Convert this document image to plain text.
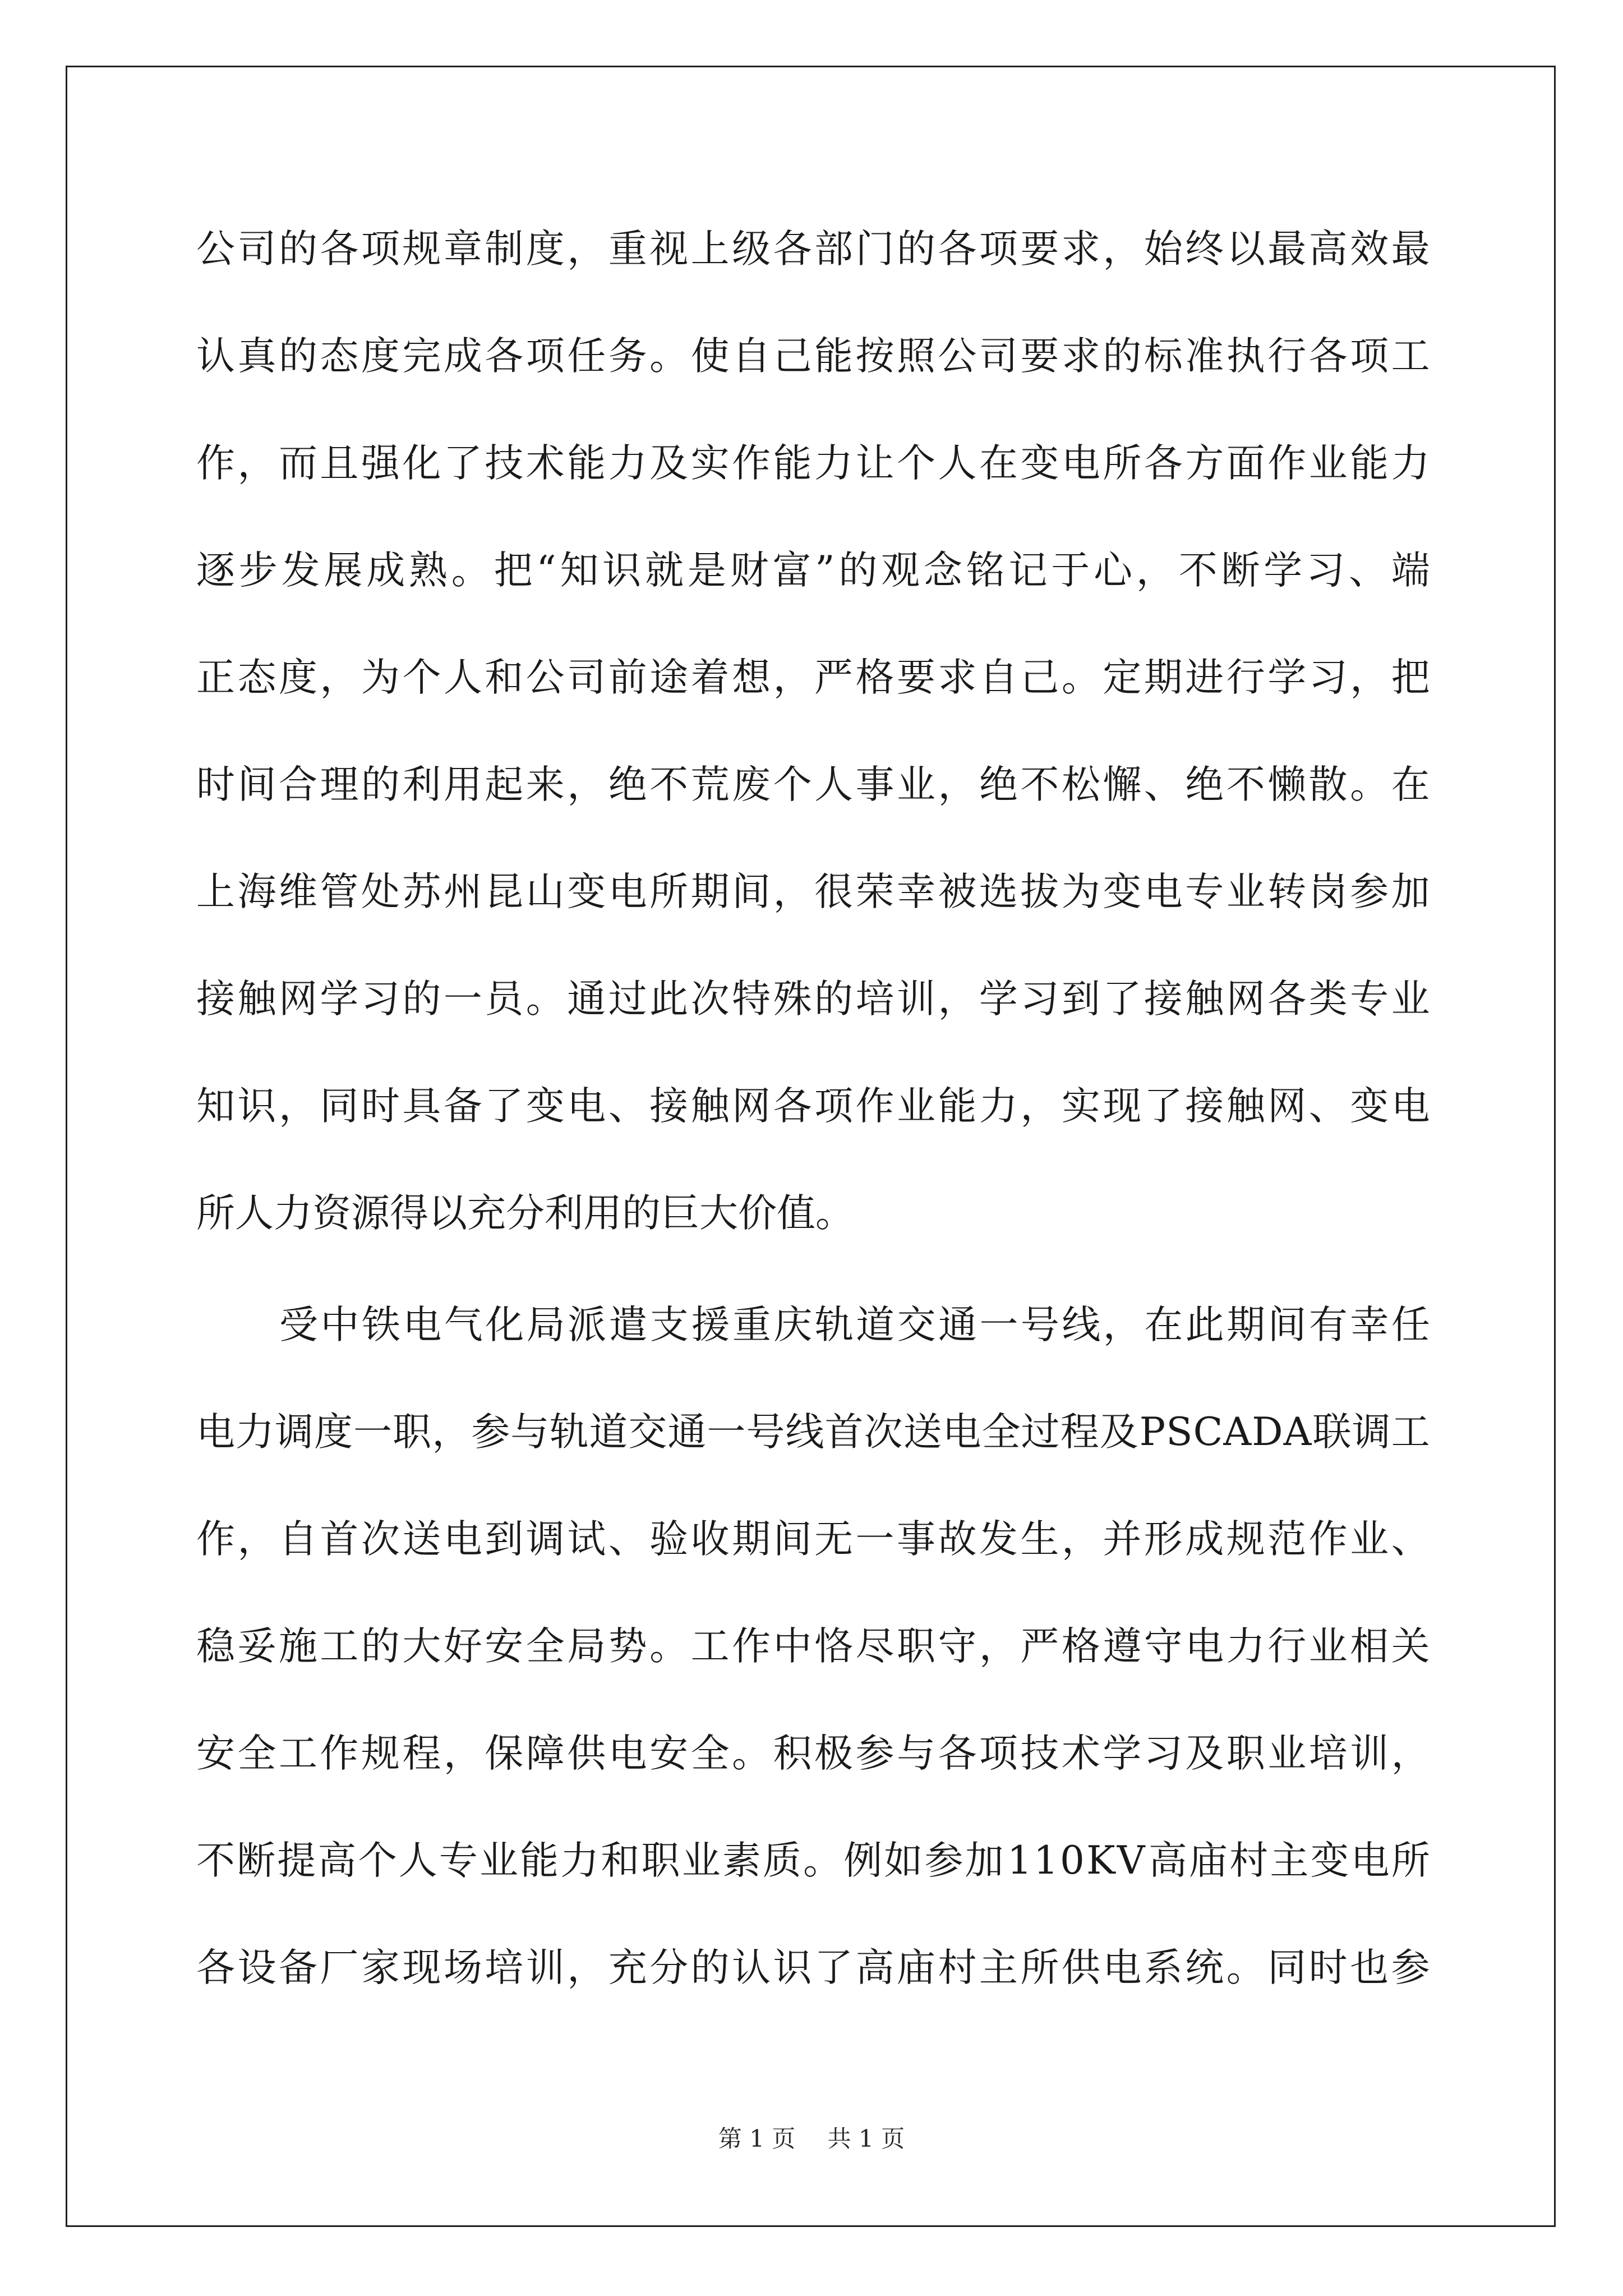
公 司 的 各 项 规 章 制 度 ， 重 视 上 级 各 部 门 的 各 项 要 求 ， 始 终 以 最 高 效 最
认 真 的 态 度 完 成 各 项 任 务 。 使 自 己 能 按 照 公 司 要 求 的 标 准 执 行 各 项 工
作 ， 而 且 强 化 了 技 术 能 力 及 实 作 能 力 让 个 人 在 变 电 所 各 方 面 作 业 能 力
逐 步 发 展 成 熟 。 把 “ 知 识 就 是 财 富 ” 的 观 念 铭 记 于 心 ， 不 断 学 习 、 端
正 态 度 ， 为 个 人 和 公 司 前 途 着 想 ， 严 格 要 求 自 己 。 定 期 进 行 学 习 ， 把
时 间 合 理 的 利 用 起 来 ， 绝 不 荒 废 个 人 事 业 ， 绝 不 松 懈 、 绝 不 懒 散 。 在
上 海 维 管 处 苏 州 昆 山 变 电 所 期 间 ， 很 荣 幸 被 选 拔 为 变 电 专 业 转 岗 参 加
接 触 网 学 习 的 一 员 。 通 过 此 次 特 殊 的 培 训 ， 学 习 到 了 接 触 网 各 类 专 业
知 识 ， 同 时 具 备 了 变 电 、 接 触 网 各 项 作 业 能 力 ， 实 现 了 接 触 网 、 变 电
所人力资源得以充分利用的巨大价值。
受 中 铁 电 气 化 局 派 遣 支 援 重 庆 轨 道 交 通 一 号 线 ， 在 此 期 间 有 幸 任
电 力 调 度 一 职 ， 参 与 轨 道 交 通 一 号 线 首 次 送 电 全 过 程 及 P S C A D A 联 调 工
作 ， 自 首 次 送 电 到 调 试 、 验 收 期 间 无 一 事 故 发 生 ， 并 形 成 规 范 作 业 、
稳 妥 施 工 的 大 好 安 全 局 势 。 工 作 中 恪 尽 职 守 ， 严 格 遵 守 电 力 行 业 相 关
安 全 工 作 规 程 ， 保 障 供 电 安 全 。 积 极 参 与 各 项 技 术 学 习 及 职 业 培 训 ，
不 断 提 高 个 人 专 业 能 力 和 职 业 素 质 。 例 如 参 加 1 1 0 K V 高 庙 村 主 变 电 所
各 设 备 厂 家 现 场 培 训 ， 充 分 的 认 识 了 高 庙 村 主 所 供 电 系 统 。 同 时 也 参
第 1 页 共 1 页
